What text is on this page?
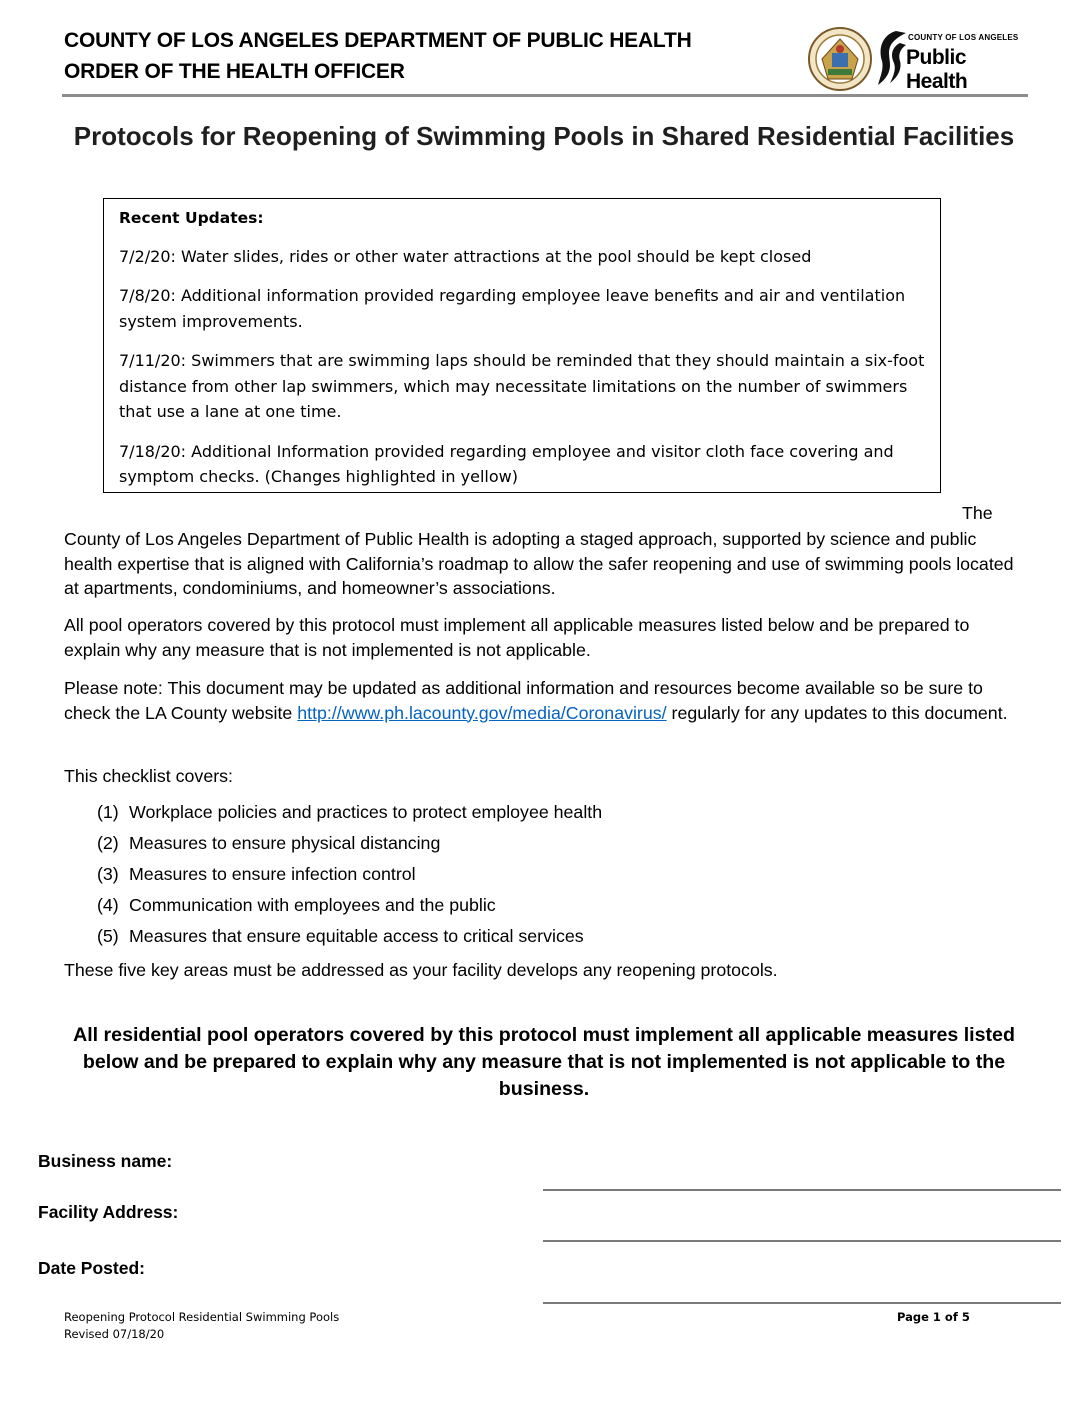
COUNTY OF LOS ANGELES DEPARTMENT OF PUBLIC HEALTH
ORDER OF THE HEALTH OFFICER
COUNTY OF LOS ANGELES
Public Health
Protocols for Reopening of Swimming Pools in Shared Residential Facilities

Recent Updates:

7/2/20: Water slides, rides or other water attractions at the pool should be kept closed

7/8/20: Additional information provided regarding employee leave benefits and air and ventilation system improvements.

7/11/20: Swimmers that are swimming laps should be reminded that they should maintain a six-foot distance from other lap swimmers, which may necessitate limitations on the number of swimmers that use a lane at one time.

7/18/20: Additional Information provided regarding employee and visitor cloth face covering and symptom checks. (Changes highlighted in yellow)

The

County of Los Angeles Department of Public Health is adopting a staged approach, supported by science and public health expertise that is aligned with California’s roadmap to allow the safer reopening and use of swimming pools located at apartments, condominiums, and homeowner’s associations.

All pool operators covered by this protocol must implement all applicable measures listed below and be prepared to explain why any measure that is not implemented is not applicable.

Please note: This document may be updated as additional information and resources become available so be sure to check the LA County website http://www.ph.lacounty.gov/media/Coronavirus/ regularly for any updates to this document.

This checklist covers:
(1) Workplace policies and practices to protect employee health
(2) Measures to ensure physical distancing
(3) Measures to ensure infection control
(4) Communication with employees and the public
(5) Measures that ensure equitable access to critical services
These five key areas must be addressed as your facility develops any reopening protocols.
All residential pool operators covered by this protocol must implement all applicable measures listed below and be prepared to explain why any measure that is not implemented is not applicable to the business.
Business name:
Facility Address:
Date Posted:
Reopening Protocol Residential Swimming Pools
Revised 07/18/20
Page 1 of 5
